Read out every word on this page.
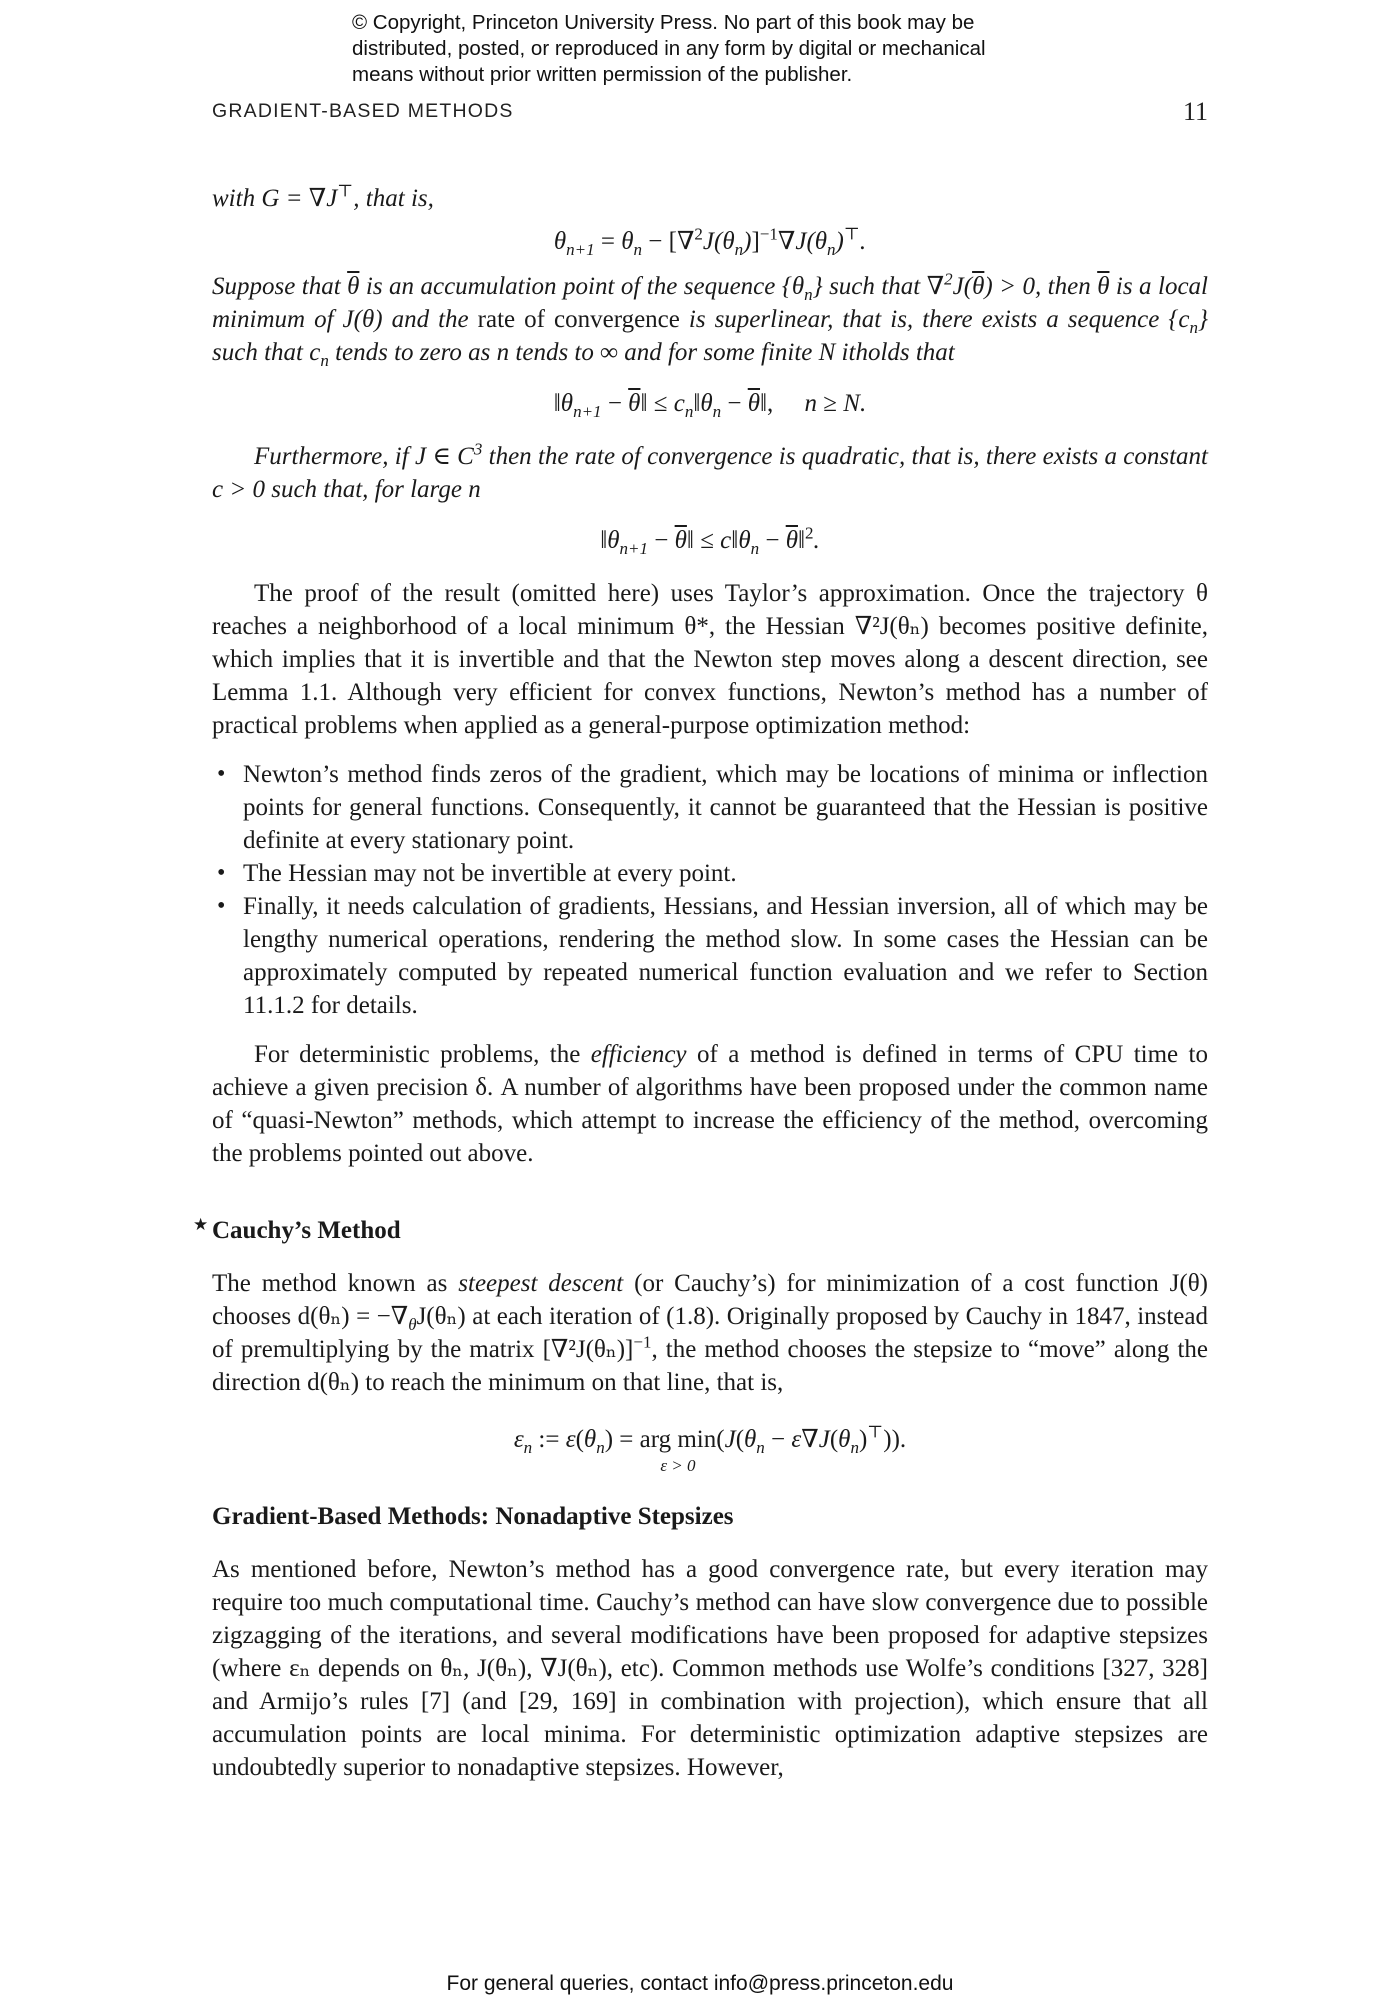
© Copyright, Princeton University Press. No part of this book may be
distributed, posted, or reproduced in any form by digital or mechanical
means without prior written permission of the publisher.
GRADIENT-BASED METHODS	11

with G = ∇J⊤, that is,

$\theta_{n+1} = \theta_n - [\nabla^2J(\theta_n)]^{-1}\nabla J(\theta_n)^⊤$.

Suppose that $\overline{\theta}$ is an accumulation point of the sequence $\{\theta_n\}$ such that $\nabla^2J(\overline{\theta}) > 0$, then $\overline{\theta}$ is a local minimum of J(θ) and the rate of convergence is superlinear, that is, there exists a sequence $\{c_n\}$ such that $c_n$ tends to zero as n tends to ∞ and for some finite N itholds that

$‖\theta_{n+1}$ − $\overline{\theta}‖$ ≤ $c_n‖\theta_n$ − $\overline{\theta}‖$,     n ≥ N.

Furthermore, if J ∈ $C^3$ then the rate of convergence is quadratic, that is, there exists a constant c > 0 such that, for large n

$‖\theta_{n+1}$ − $\overline{\theta}‖$ ≤ $c‖\theta_n$ − $\overline{\theta}‖^2$.

The proof of the result (omitted here) uses Taylor’s approximation. Once the trajectory θ reaches a neighborhood of a local minimum θ*, the Hessian ∇²J(θₙ) becomes positive definite, which implies that it is invertible and that the Newton step moves along a descent direction, see Lemma 1.1. Although very efficient for convex functions, Newton’s method has a number of practical problems when applied as a general-purpose optimization method:

• Newton’s method finds zeros of the gradient, which may be locations of minima or inflection points for general functions. Consequently, it cannot be guaranteed that the Hessian is positive definite at every stationary point.
• The Hessian may not be invertible at every point.
• Finally, it needs calculation of gradients, Hessians, and Hessian inversion, all of which may be lengthy numerical operations, rendering the method slow. In some cases the Hessian can be approximately computed by repeated numerical function evaluation and we refer to Section 11.1.2 for details.

For deterministic problems, the efficiency of a method is defined in terms of CPU time to achieve a given precision δ. A number of algorithms have been proposed under the common name of “quasi-Newton” methods, which attempt to increase the efficiency of the method, overcoming the problems pointed out above.

★ Cauchy’s Method

The method known as steepest descent (or Cauchy’s) for minimization of a cost function J(θ) chooses $d(\theta_n) = -\nabla_\theta J(\theta_n)$ at each iteration of (1.8). Originally proposed by Cauchy in 1847, instead of premultiplying by the matrix $[\nabla^2J(\theta_n)]^{-1}$, the method chooses the stepsize to “move” along the direction d(θₙ) to reach the minimum on that line, that is,

$\varepsilon_n$ := $\varepsilon(\theta_n)$ = arg min
ε > 0
$(J(\theta_n - \varepsilon\nabla J(\theta_n)^⊤))$.
Gradient-Based Methods: Nonadaptive Stepsizes

As mentioned before, Newton’s method has a good convergence rate, but every iteration may require too much computational time. Cauchy’s method can have slow convergence due to possible zigzagging of the iterations, and several modifications have been proposed for adaptive stepsizes (where εₙ depends on θₙ, J(θₙ), ∇J(θₙ), etc). Common methods use Wolfe’s conditions [327, 328] and Armijo’s rules [7] (and [29, 169] in combination with projection), which ensure that all accumulation points are local minima. For deterministic optimization adaptive stepsizes are undoubtedly superior to nonadaptive stepsizes. However,

For general queries, contact info@press.princeton.edu
